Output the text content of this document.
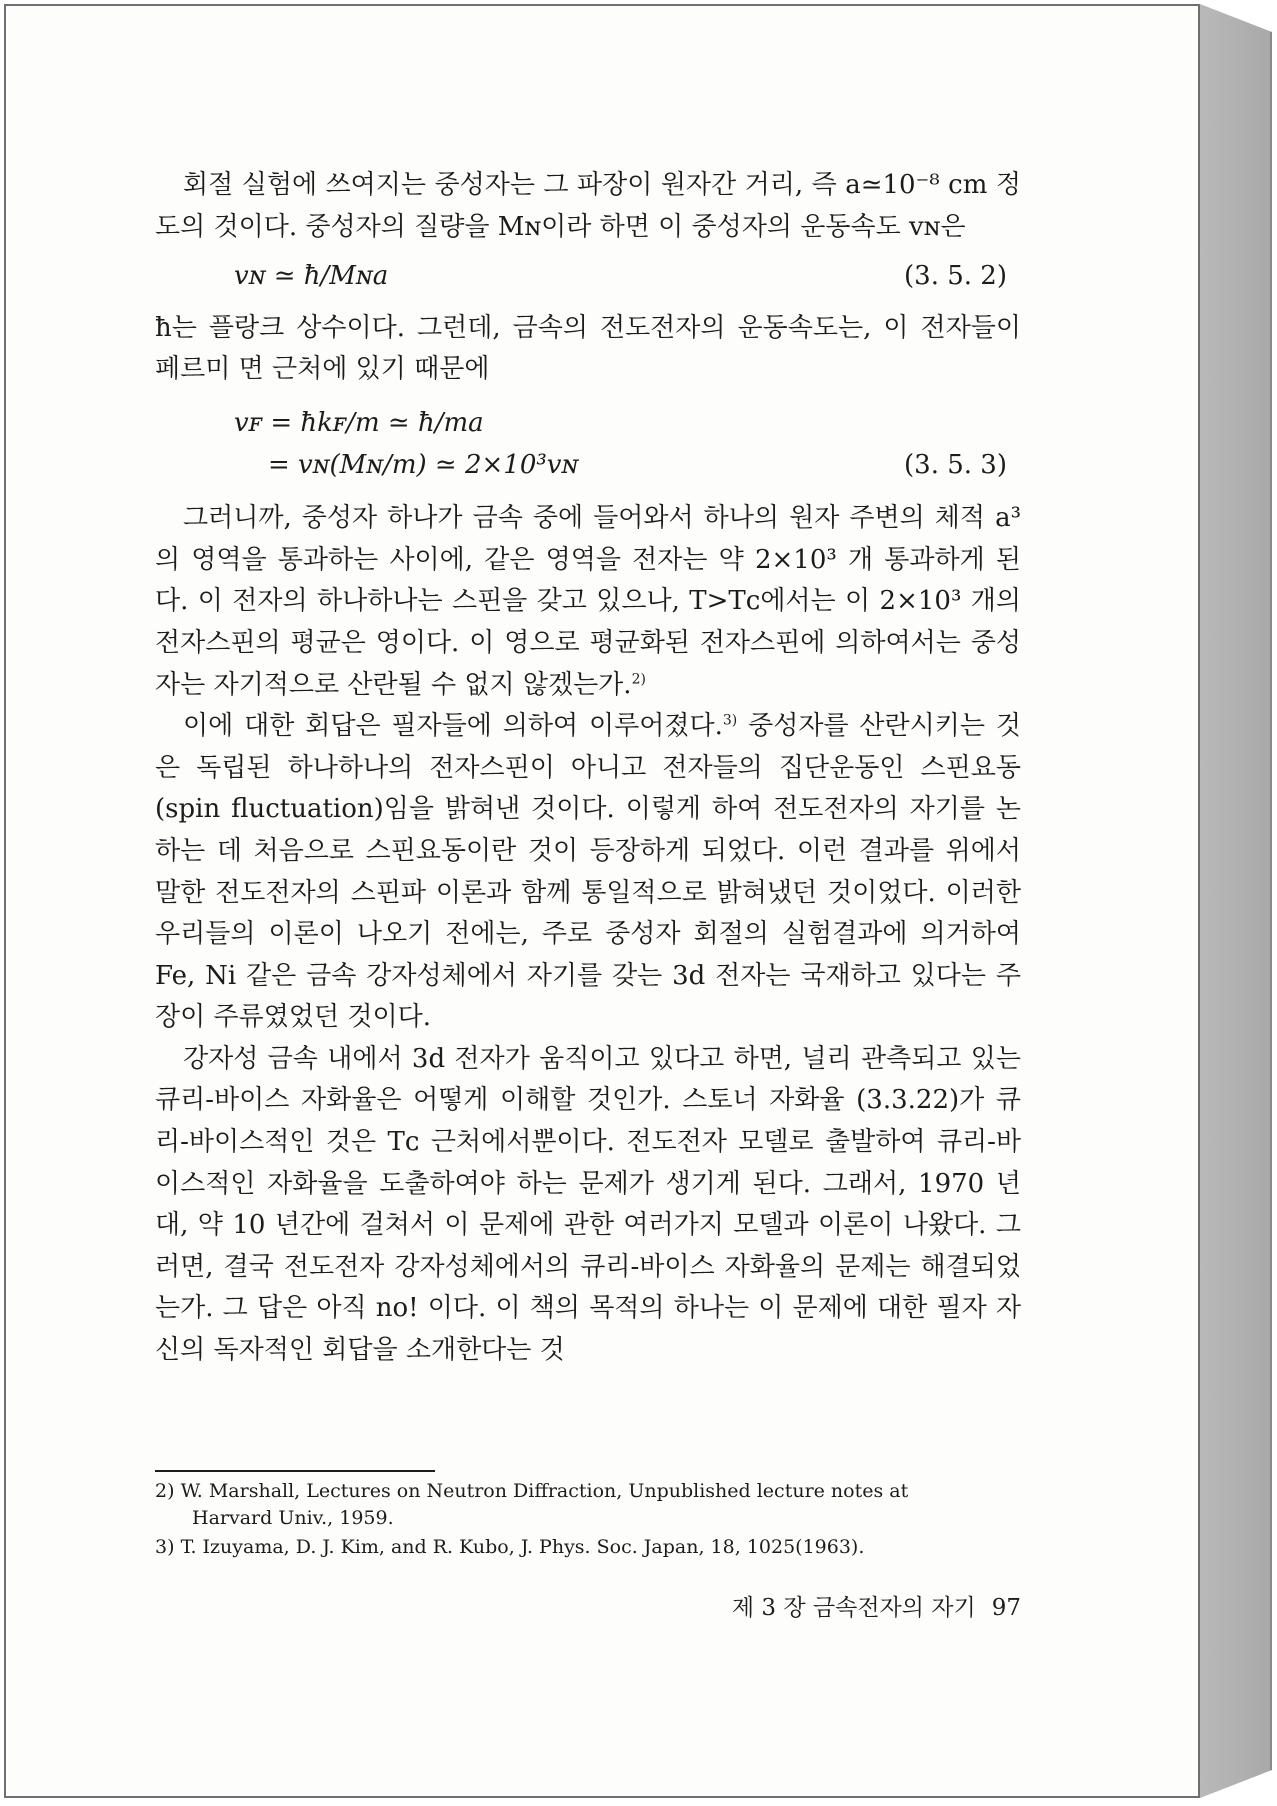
회절 실험에 쓰여지는 중성자는 그 파장이 원자간 거리, 즉 a≃10⁻⁸ cm 정도의 것이다. 중성자의 질량을 Mɴ이라 하면 이 중성자의 운동속도 vɴ은

vɴ ≃ ħ/Mɴa	(3. 5. 2)

ħ는 플랑크 상수이다. 그런데, 금속의 전도전자의 운동속도는, 이 전자들이 페르미 면 근처에 있기 때문에

vꜰ = ħkꜰ/m ≃ ħ/ma
= vɴ(Mɴ/m) ≃ 2×10³vɴ	(3. 5. 3)

그러니까, 중성자 하나가 금속 중에 들어와서 하나의 원자 주변의 체적 a³의 영역을 통과하는 사이에, 같은 영역을 전자는 약 2×10³ 개 통과하게 된다. 이 전자의 하나하나는 스핀을 갖고 있으나, T>Tᴄ에서는 이 2×10³ 개의 전자스핀의 평균은 영이다. 이 영으로 평균화된 전자스핀에 의하여서는 중성자는 자기적으로 산란될 수 없지 않겠는가.$^{2)}$

이에 대한 회답은 필자들에 의하여 이루어졌다.$^{3)}$ 중성자를 산란시키는 것은 독립된 하나하나의 전자스핀이 아니고 전자들의 집단운동인 스핀요동(spin fluctuation)임을 밝혀낸 것이다. 이렇게 하여 전도전자의 자기를 논하는 데 처음으로 스핀요동이란 것이 등장하게 되었다. 이런 결과를 위에서 말한 전도전자의 스핀파 이론과 함께 통일적으로 밝혀냈던 것이었다. 이러한 우리들의 이론이 나오기 전에는, 주로 중성자 회절의 실험결과에 의거하여 Fe, Ni 같은 금속 강자성체에서 자기를 갖는 3d 전자는 국재하고 있다는 주장이 주류였었던 것이다.

강자성 금속 내에서 3d 전자가 움직이고 있다고 하면, 널리 관측되고 있는 큐리-바이스 자화율은 어떻게 이해할 것인가. 스토너 자화율 (3.3.22)가 큐리-바이스적인 것은 Tᴄ 근처에서뿐이다. 전도전자 모델로 출발하여 큐리-바이스적인 자화율을 도출하여야 하는 문제가 생기게 된다. 그래서, 1970 년대, 약 10 년간에 걸쳐서 이 문제에 관한 여러가지 모델과 이론이 나왔다. 그러면, 결국 전도전자 강자성체에서의 큐리-바이스 자화율의 문제는 해결되었는가. 그 답은 아직 no! 이다. 이 책의 목적의 하나는 이 문제에 대한 필자 자신의 독자적인 회답을 소개한다는 것

2) W. Marshall, Lectures on Neutron Diffraction, Unpublished lecture notes at
Harvard Univ., 1959.
3) T. Izuyama, D. J. Kim, and R. Kubo, J. Phys. Soc. Japan, 18, 1025(1963).
제 3 장 금속전자의 자기 97
